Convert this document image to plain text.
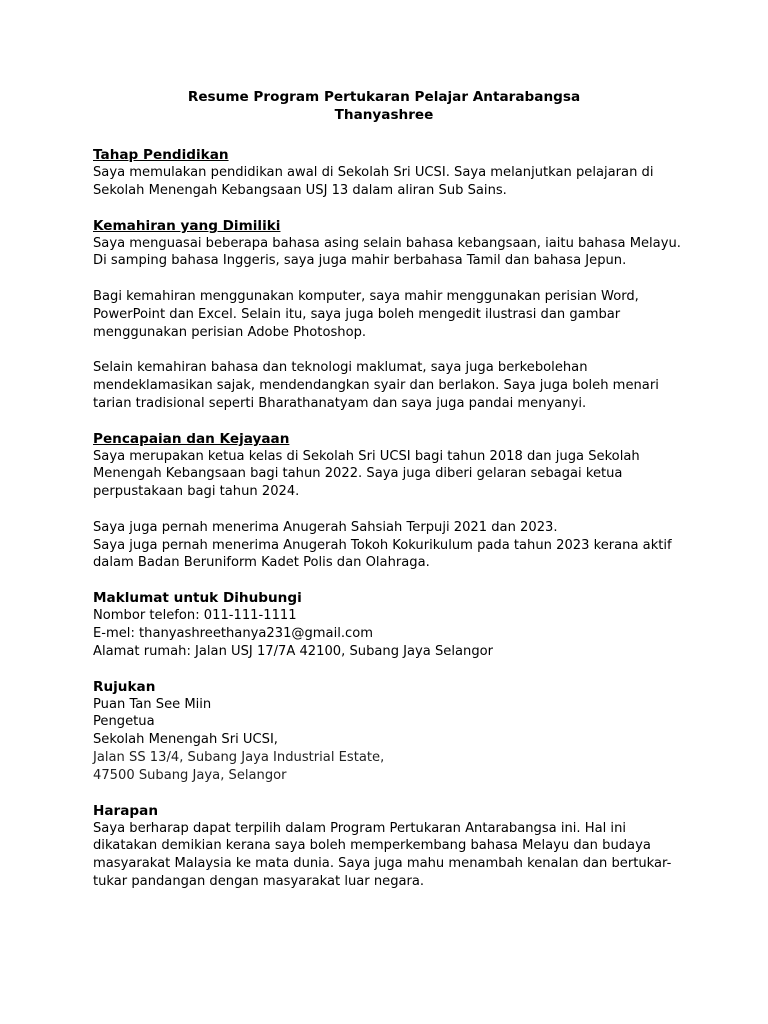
Resume Program Pertukaran Pelajar Antarabangsa

Thanyashree

Tahap Pendidikan

Saya memulakan pendidikan awal di Sekolah Sri UCSI. Saya melanjutkan pelajaran di Sekolah Menengah Kebangsaan USJ 13 dalam aliran Sub Sains.

Kemahiran yang Dimiliki

Saya menguasai beberapa bahasa asing selain bahasa kebangsaan, iaitu bahasa Melayu. Di samping bahasa Inggeris, saya juga mahir berbahasa Tamil dan bahasa Jepun.

Bagi kemahiran menggunakan komputer, saya mahir menggunakan perisian Word, PowerPoint dan Excel. Selain itu, saya juga boleh mengedit ilustrasi dan gambar menggunakan perisian Adobe Photoshop.

Selain kemahiran bahasa dan teknologi maklumat, saya juga berkebolehan mendeklamasikan sajak, mendendangkan syair dan berlakon. Saya juga boleh menari tarian tradisional seperti Bharathanatyam dan saya juga pandai menyanyi.

Pencapaian dan Kejayaan

Saya merupakan ketua kelas di Sekolah Sri UCSI bagi tahun 2018 dan juga Sekolah Menengah Kebangsaan bagi tahun 2022. Saya juga diberi gelaran sebagai ketua perpustakaan bagi tahun 2024.

Saya juga pernah menerima Anugerah Sahsiah Terpuji 2021 dan 2023.

Saya juga pernah menerima Anugerah Tokoh Kokurikulum pada tahun 2023 kerana aktif dalam Badan Beruniform Kadet Polis dan Olahraga.

Maklumat untuk Dihubungi

Nombor telefon: 011-111-1111

E-mel: thanyashreethanya231@gmail.com

Alamat rumah: Jalan USJ 17/7A 42100, Subang Jaya Selangor

Rujukan

Puan Tan See Miin

Pengetua

Sekolah Menengah Sri UCSI,

Jalan SS 13/4, Subang Jaya Industrial Estate,

47500 Subang Jaya, Selangor

Harapan

Saya berharap dapat terpilih dalam Program Pertukaran Antarabangsa ini. Hal ini dikatakan demikian kerana saya boleh memperkembang bahasa Melayu dan budaya masyarakat Malaysia ke mata dunia. Saya juga mahu menambah kenalan dan bertukar-tukar pandangan dengan masyarakat luar negara.
